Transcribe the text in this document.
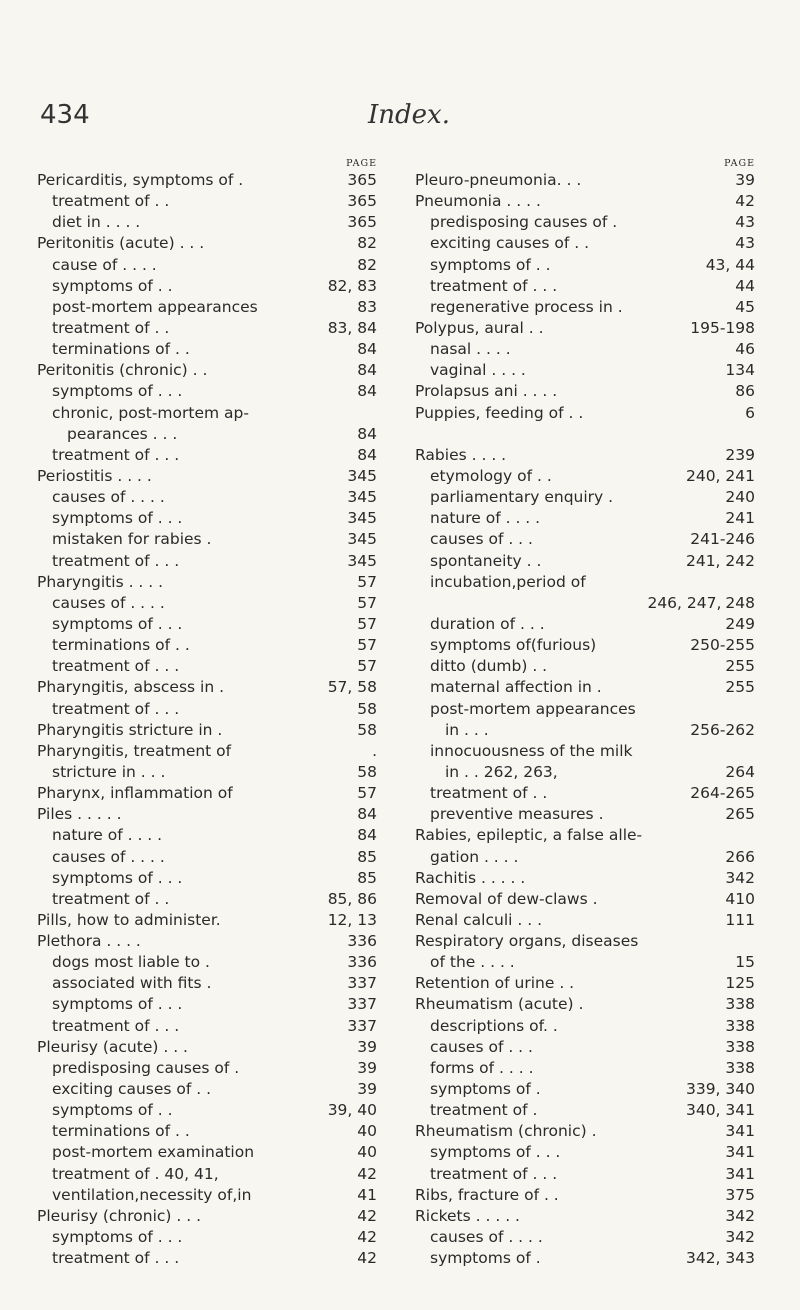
434	Index.
PAGE
Pericarditis, symptoms of .	365
treatment of . .	365
diet in . . . .	365
Peritonitis (acute) . . .	82
cause of . . . .	82
symptoms of . .	82, 83
post-mortem appearances	83
treatment of . .	83, 84
terminations of . .	84
Peritonitis (chronic) . .	84
symptoms of . . .	84
chronic, post-mortem ap-
pearances . . .	84
treatment of . . .	84
Periostitis . . . .	345
causes of . . . .	345
symptoms of . . .	345
mistaken for rabies .	345
treatment of . . .	345
Pharyngitis . . . .	57
causes of . . . .	57
symptoms of . . .	57
terminations of . .	57
treatment of . . .	57
Pharyngitis, abscess in .	57, 58
treatment of . . .	58
Pharyngitis stricture in .	58
Pharyngitis, treatment of	.
stricture in . . .	58
Pharynx, inflammation of	57
Piles . . . . .	84
nature of . . . .	84
causes of . . . .	85
symptoms of . . .	85
treatment of . .	85, 86
Pills, how to administer.	12, 13
Plethora . . . .	336
dogs most liable to .	336
associated with fits .	337
symptoms of . . .	337
treatment of . . .	337
Pleurisy (acute) . . .	39
predisposing causes of .	39
exciting causes of . .	39
symptoms of . .	39, 40
terminations of . .	40
post-mortem examination	40
treatment of . 40, 41,	42
ventilation,necessity of,in	41
Pleurisy (chronic) . . .	42
symptoms of . . .	42
treatment of . . .	42
PAGE
Pleuro-pneumonia. . .	39
Pneumonia . . . .	42
predisposing causes of .	43
exciting causes of . .	43
symptoms of . .	43, 44
treatment of . . .	44
regenerative process in .	45
Polypus, aural . .	195-198
nasal . . . .	46
vaginal . . . .	134
Prolapsus ani . . . .	86
Puppies, feeding of . .	6
Rabies . . . .	239
etymology of . .	240, 241
parliamentary enquiry .	240
nature of . . . .	241
causes of . . .	241-246
spontaneity . .	241, 242
incubation,period of
246, 247, 248
duration of . . .	249
symptoms of(furious)	250-255
ditto (dumb) . .	255
maternal affection in .	255
post-mortem appearances
in . . .	256-262
innocuousness of the milk
in . . 262, 263,	264
treatment of . .	264-265
preventive measures .	265
Rabies, epileptic, a false alle-
gation . . . .	266
Rachitis . . . . .	342
Removal of dew-claws .	410
Renal calculi . . .	111
Respiratory organs, diseases
of the . . . .	15
Retention of urine . .	125
Rheumatism (acute) .	338
descriptions of. .	338
causes of . . .	338
forms of . . . .	338
symptoms of .	339, 340
treatment of .	340, 341
Rheumatism (chronic) .	341
symptoms of . . .	341
treatment of . . .	341
Ribs, fracture of . .	375
Rickets . . . . .	342
causes of . . . .	342
symptoms of .	342, 343
